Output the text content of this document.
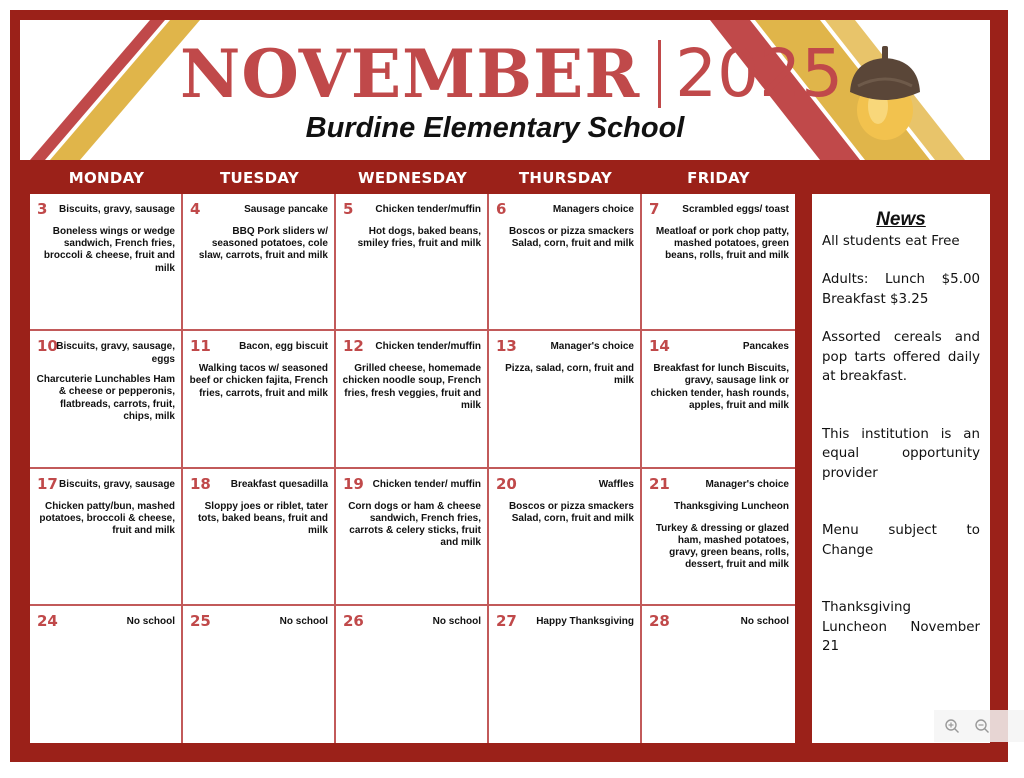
NOVEMBER 2025
Burdine Elementary School
MONDAY	TUESDAY	WEDNESDAY	THURSDAY	FRIDAY
3	Biscuits, gravy, sausage
Boneless wings or wedge sandwich, French fries, broccoli & cheese, fruit and milk
4	Sausage pancake
BBQ Pork sliders w/ seasoned potatoes, cole slaw, carrots, fruit and milk
5	Chicken tender/muffin
Hot dogs, baked beans, smiley fries, fruit and milk
6	Managers choice
Boscos or pizza smackers Salad, corn, fruit and milk
7	Scrambled eggs/ toast
Meatloaf or pork chop patty, mashed potatoes, green beans, rolls, fruit and milk
10
Biscuits, gravy, sausage, eggs
Charcuterie Lunchables Ham & cheese or pepperonis, flatbreads, carrots, fruit, chips, milk
11	Bacon, egg biscuit
Walking tacos w/ seasoned beef or chicken fajita, French fries, carrots, fruit and milk
12	Chicken tender/muffin
Grilled cheese, homemade chicken noodle soup, French fries, fresh veggies, fruit and milk
13	Manager's choice
Pizza, salad, corn, fruit and milk
14	Pancakes
Breakfast for lunch Biscuits, gravy, sausage link or chicken tender, hash rounds, apples, fruit and milk
17 Biscuits, gravy, sausage
Chicken patty/bun, mashed potatoes, broccoli & cheese, fruit and milk
18	Breakfast quesadilla
Sloppy joes or riblet, tater tots, baked beans, fruit and milk
19 Chicken tender/ muffin
Corn dogs or ham & cheese sandwich, French fries, carrots & celery sticks, fruit and milk
20	Waffles
Boscos or pizza smackers Salad, corn, fruit and milk
21	Manager's choice
Thanksgiving Luncheon
Turkey & dressing or glazed ham, mashed potatoes, gravy, green beans, rolls, dessert, fruit and milk
24	No school 25	No school 26	No school 27	Happy Thanksgiving 28	No school
News

All students eat Free

Adults: Lunch $5.00 Breakfast $3.25

Assorted cereals and pop tarts offered daily at breakfast.

This institution is an equal opportunity provider

Menu subject to Change

Thanksgiving Luncheon November 21
